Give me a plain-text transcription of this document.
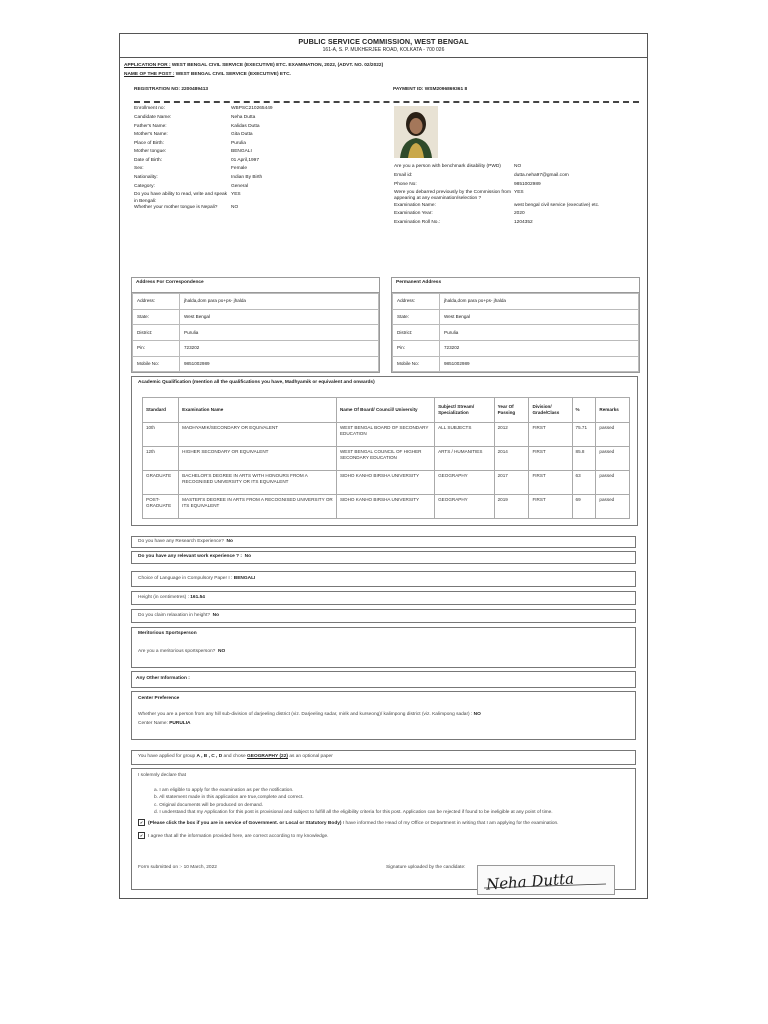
PUBLIC SERVICE COMMISSION, WEST BENGAL
161-A, S. P. MUKHERJEE ROAD, KOLKATA - 700 026
APPLICATION FOR : WEST BENGAL CIVIL SERVICE (EXECUTIVE) ETC. EXAMINATION, 2022, (ADVT. NO. 02/2022)
NAME OF THE POST : WEST BENGAL CIVIL SERVICE (EXECUTIVE) ETC.
REGISTRATION NO: 2200489413	PAYMENT ID: WSM2096869361 8
Enrollment no:	WBPSC210265449
Candidate Name:	Neha Dutta
Father's Name:	Kalidas Dutta
Mother's Name:	Gita Dutta
Place of Birth:	Purulia
Mother tongue:	BENGALI
Date of Birth:	01 April,1997
Sex:	Female
Nationality:	Indian By Birth
Category:	General
Do you have ability to read, write and speak in Bengali:
YES
Whether your mother tongue is Nepali?	NO
Are you a person with benchmark disability (PWD)	NO
Email id:	dutta.neha97@gmail.com
Phone No:	9851002989
Were you debarred previously by the Commission from appearing at any examination/selection ?
YES
Examination Name:	west bengal civil service (executive) etc.
Examination Year:	2020
Examination Roll No.:	1204352
Address For Correspondence
Address:	jhalda,dom para po+ps- jhalda
State:	West Bengal
District:	Purulia
Pin:	723202
Mobile No:	9851002989
Permanent Address
Address:	jhalda,dom para po+ps- jhalda
State:	West Bengal
District:	Purulia
Pin:	723202
Mobile No:	9851002989
Academic Qualification (mention all the qualifications you have, Madhyamik or equivalent and onwards)
Standard	Examination Name	Name Of Board/ Council/ University	Subject/ Stream/ Specialization	Year Of Passing	Division/ Grade/Class	%	Remarks
10th	MADHYAMIK/SECONDARY OR EQUIVALENT	WEST BENGAL BOARD OF SECONDARY EDUCATION	ALL SUBJECTS	2012	FIRST	75.71	passed
12th	HIGHER SECONDARY OR EQUIVALENT	WEST BENGAL COUNCIL OF HIGHER SECONDARY EDUCATION	ARTS / HUMANITIES	2014	FIRST	85.8	passed
GRADUATE	BACHELOR'S DEGREE IN ARTS WITH HONOURS FROM A RECOGNISED UNIVERSITY OR ITS EQUIVALENT	SIDHO KANHO BIRSHA UNIVERSITY	GEOGRAPHY	2017	FIRST	63	passed
POST-GRADUATE	MASTER'S DEGREE IN ARTS FROM A RECOGNISED UNIVERSITY OR ITS EQUIVALENT	SIDHO KANHO BIRSHA UNIVERSITY	GEOGRAPHY	2019	FIRST	69	passed
Do you have any Research Experience?
No
Do you have any relevant work experience ? :
No
Choice of Language in Compulsory Paper I :
BENGALI
Height (in centimetres) :
161.54
Do you claim relaxation in height?
No
Meritorious Sportsperson
Are you a meritorious sportsperson? NO
Any Other Information :
Center Preference
Whether you are a person from any hill sub-division of darjeeling district (viz. Darjeeling sadar, mirik and kurseong)/ kalimpong district (viz. Kalimpong sadar) : NO
Center Name: PURULIA
You have applied for group
A , B , C , D
and chose
GEOGRAPHY (22)
as an optional paper
I solemnly declare that
a. I am eligible to apply for the examination as per the notification.
b. All statement made in this application are true,complete and correct.
c. Original documents will be produced on demand.
d. I understand that my Application for this post is provisional and subject to fulfill all the eligibility criteria for this post. Application can be rejected if found to be ineligible at any point of time.
✔ (Please click the box if you are in service of Government. or Local or Statutory Body) I have informed the Head of my Office or Department in writing that I am applying for the examination.
✔ I agree that all the information provided here, are correct according to my knowledge.
Form submitted on :- 10 March, 2022	Signature uploaded by the candidate:
Neha Dutta
